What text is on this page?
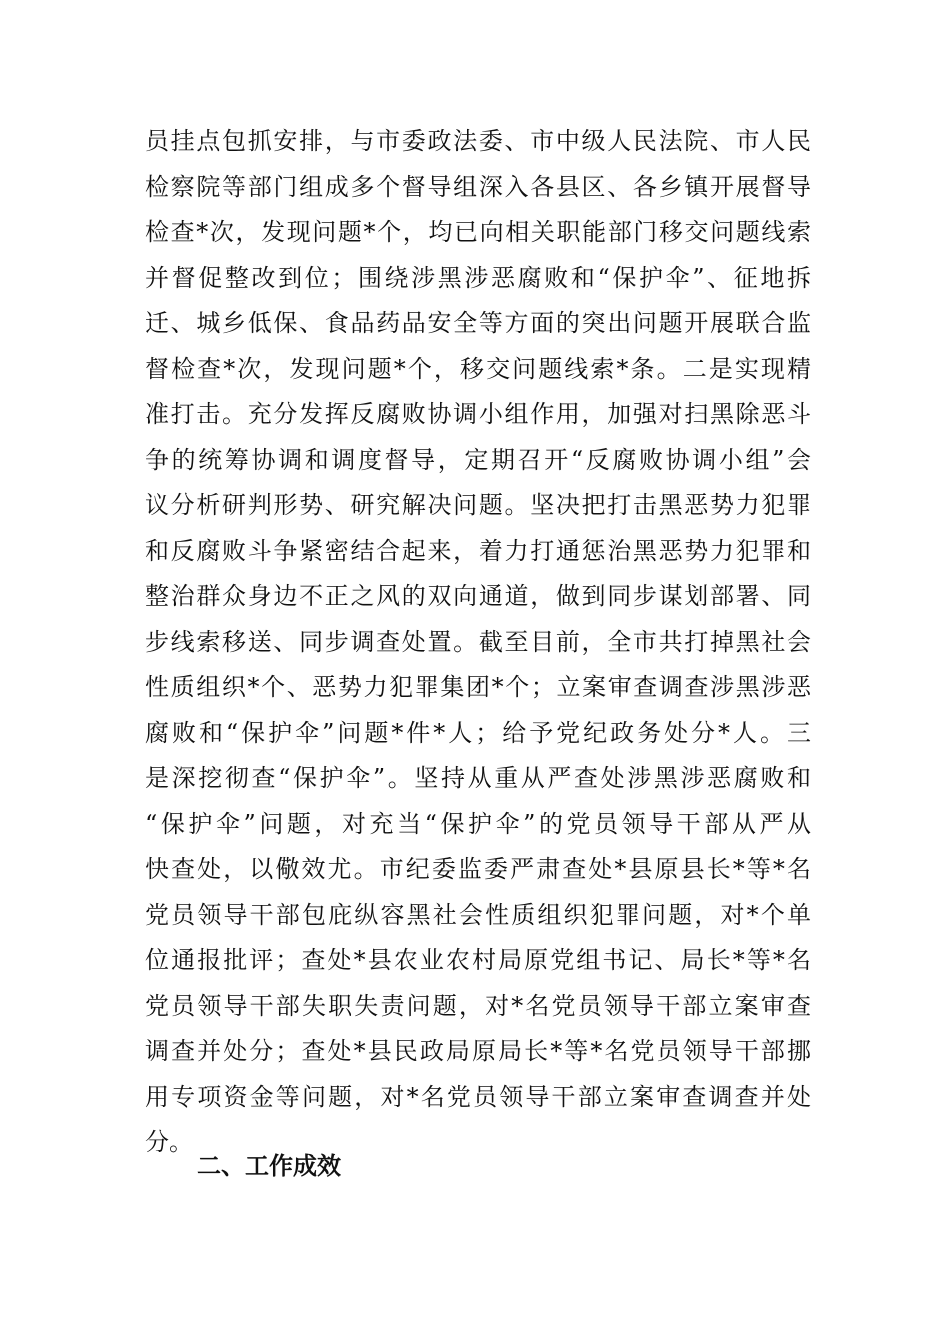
员挂点包抓安排，与市委政法委、市中级人民法院、市人民
检察院等部门组成多个督导组深入各县区、各乡镇开展督导
检查*次，发现问题*个，均已向相关职能部门移交问题线索
并督促整改到位；围绕涉黑涉恶腐败和“保护伞”、征地拆
迁、城乡低保、食品药品安全等方面的突出问题开展联合监
督检查*次，发现问题*个，移交问题线索*条。二是实现精
准打击。充分发挥反腐败协调小组作用，加强对扫黑除恶斗
争的统筹协调和调度督导，定期召开“反腐败协调小组”会
议分析研判形势、研究解决问题。坚决把打击黑恶势力犯罪
和反腐败斗争紧密结合起来，着力打通惩治黑恶势力犯罪和
整治群众身边不正之风的双向通道，做到同步谋划部署、同
步线索移送、同步调查处置。截至目前，全市共打掉黑社会
性质组织*个、恶势力犯罪集团*个；立案审查调查涉黑涉恶
腐败和“保护伞”问题*件*人；给予党纪政务处分*人。三
是深挖彻查“保护伞”。坚持从重从严查处涉黑涉恶腐败和
“保护伞”问题，对充当“保护伞”的党员领导干部从严从
快查处，以儆效尤。市纪委监委严肃查处*县原县长*等*名
党员领导干部包庇纵容黑社会性质组织犯罪问题，对*个单
位通报批评；查处*县农业农村局原党组书记、局长*等*名
党员领导干部失职失责问题，对*名党员领导干部立案审查
调查并处分；查处*县民政局原局长*等*名党员领导干部挪
用专项资金等问题，对*名党员领导干部立案审查调查并处
分。
二、工作成效
